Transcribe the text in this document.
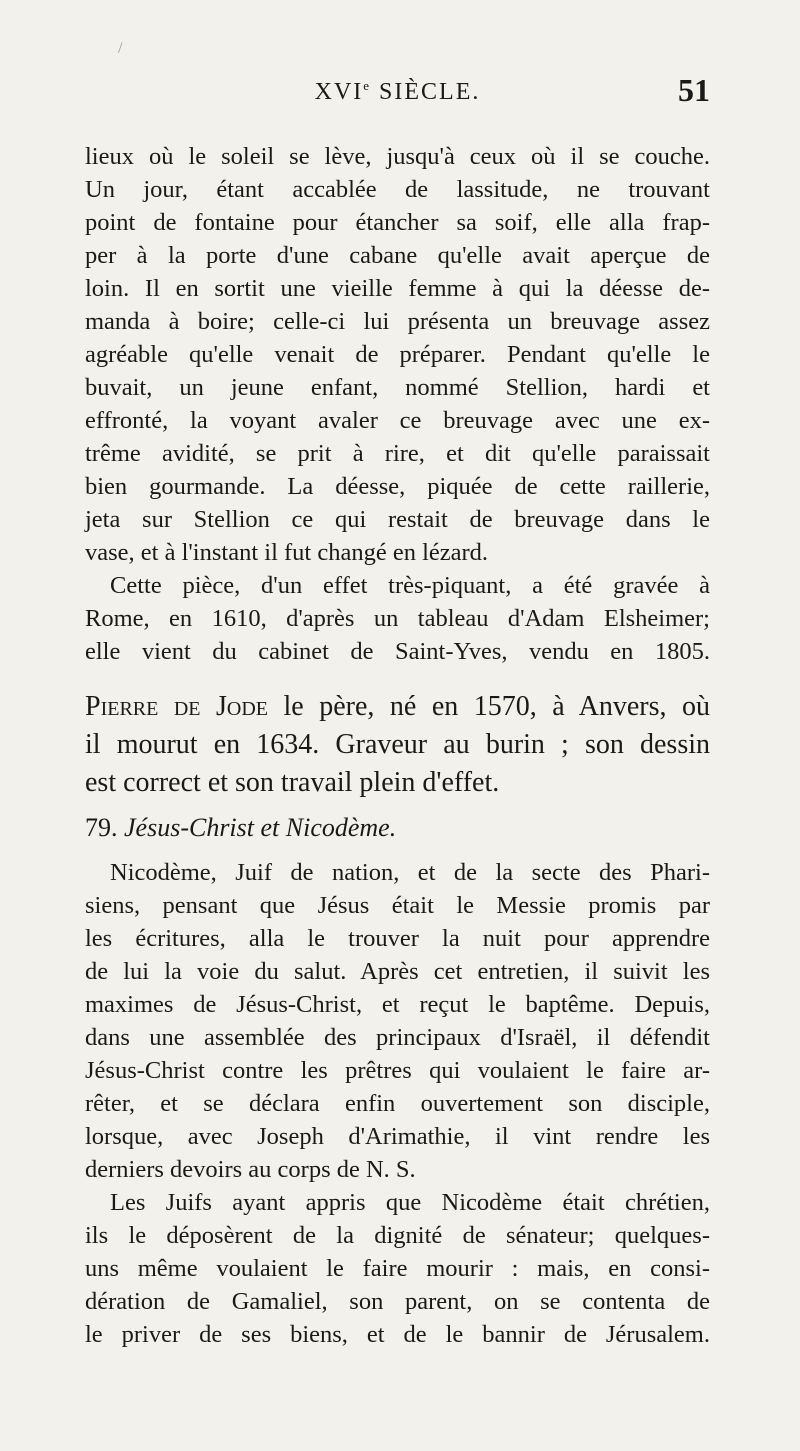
/
XVIe SIÈCLE.	51
lieux où le soleil se lève, jusqu'à ceux où il se couche.
Un jour, étant accablée de lassitude, ne trouvant
point de fontaine pour étancher sa soif, elle alla frap-
per à la porte d'une cabane qu'elle avait aperçue de
loin. Il en sortit une vieille femme à qui la déesse de-
manda à boire; celle-ci lui présenta un breuvage assez
agréable qu'elle venait de préparer. Pendant qu'elle le
buvait, un jeune enfant, nommé Stellion, hardi et
effronté, la voyant avaler ce breuvage avec une ex-
trême avidité, se prit à rire, et dit qu'elle paraissait
bien gourmande. La déesse, piquée de cette raillerie,
jeta sur Stellion ce qui restait de breuvage dans le
vase, et à l'instant il fut changé en lézard.
Cette pièce, d'un effet très-piquant, a été gravée à
Rome, en 1610, d'après un tableau d'Adam Elsheimer;
elle vient du cabinet de Saint-Yves, vendu en 1805.
Pierre de Jode le père, né en 1570, à Anvers, où
il mourut en 1634. Graveur au burin ; son dessin
est correct et son travail plein d'effet.
79. Jésus-Christ et Nicodème.
Nicodème, Juif de nation, et de la secte des Phari-
siens, pensant que Jésus était le Messie promis par
les écritures, alla le trouver la nuit pour apprendre
de lui la voie du salut. Après cet entretien, il suivit les
maximes de Jésus-Christ, et reçut le baptême. Depuis,
dans une assemblée des principaux d'Israël, il défendit
Jésus-Christ contre les prêtres qui voulaient le faire ar-
rêter, et se déclara enfin ouvertement son disciple,
lorsque, avec Joseph d'Arimathie, il vint rendre les
derniers devoirs au corps de N. S.
Les Juifs ayant appris que Nicodème était chrétien,
ils le déposèrent de la dignité de sénateur; quelques-
uns même voulaient le faire mourir : mais, en consi-
dération de Gamaliel, son parent, on se contenta de
le priver de ses biens, et de le bannir de Jérusalem.
